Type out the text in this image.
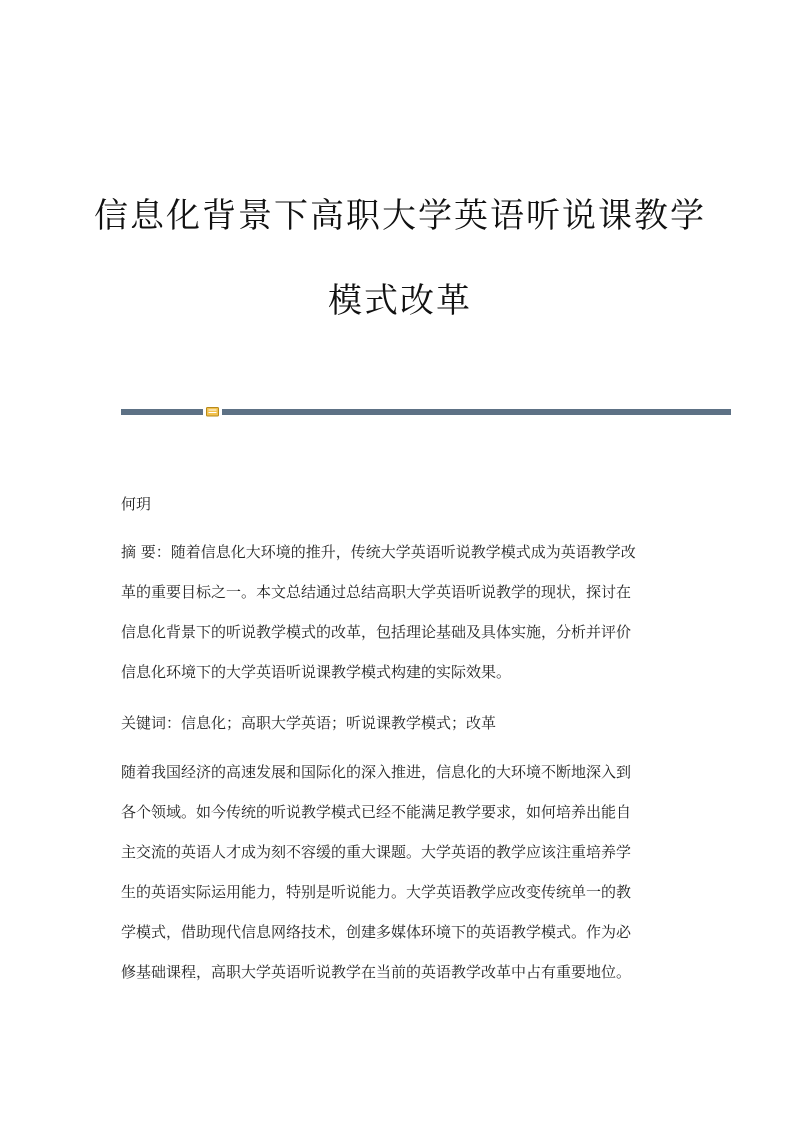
信息化背景下高职大学英语听说课教学
模式改革

何玥

摘 要：随着信息化大环境的推升，传统大学英语听说教学模式成为英语教学改
革的重要目标之一。本文总结通过总结高职大学英语听说教学的现状，探讨在
信息化背景下的听说教学模式的改革，包括理论基础及具体实施，分析并评价
信息化环境下的大学英语听说课教学模式构建的实际效果。

关键词：信息化；高职大学英语；听说课教学模式；改革

随着我国经济的高速发展和国际化的深入推进，信息化的大环境不断地深入到
各个领域。如今传统的听说教学模式已经不能满足教学要求，如何培养出能自
主交流的英语人才成为刻不容缓的重大课题。大学英语的教学应该注重培养学
生的英语实际运用能力，特别是听说能力。大学英语教学应改变传统单一的教
学模式，借助现代信息网络技术，创建多媒体环境下的英语教学模式。作为必
修基础课程，高职大学英语听说教学在当前的英语教学改革中占有重要地位。
